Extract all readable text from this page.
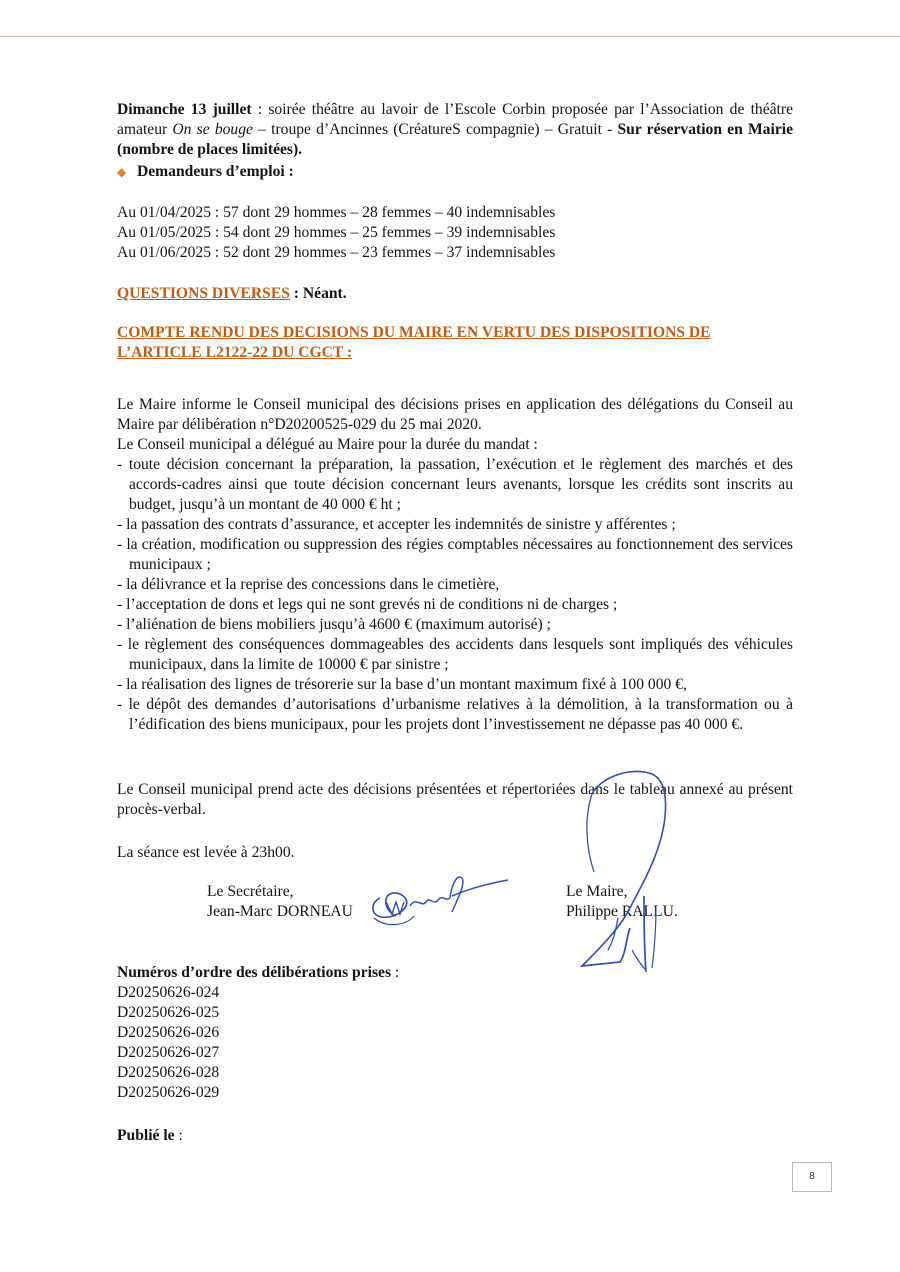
Dimanche 13 juillet : soirée théâtre au lavoir de l’Escole Corbin proposée par l’Association de théâtre amateur On se bouge – troupe d’Ancinnes (CréatureS compagnie) – Gratuit - Sur réservation en Mairie (nombre de places limitées).
◆ Demandeurs d’emploi :
Au 01/04/2025 : 57 dont 29 hommes – 28 femmes – 40 indemnisables
Au 01/05/2025 : 54 dont 29 hommes – 25 femmes – 39 indemnisables
Au 01/06/2025 : 52 dont 29 hommes – 23 femmes – 37 indemnisables
QUESTIONS DIVERSES : Néant.
COMPTE RENDU DES DECISIONS DU MAIRE EN VERTU DES DISPOSITIONS DE
L’ARTICLE L2122-22 DU CGCT :
Le Maire informe le Conseil municipal des décisions prises en application des délégations du Conseil au Maire par délibération n°D20200525-029 du 25 mai 2020.
Le Conseil municipal a délégué au Maire pour la durée du mandat :
- toute décision concernant la préparation, la passation, l’exécution et le règlement des marchés et des accords-cadres ainsi que toute décision concernant leurs avenants, lorsque les crédits sont inscrits au budget, jusqu’à un montant de 40 000 € ht ;
- la passation des contrats d’assurance, et accepter les indemnités de sinistre y afférentes ;
- la création, modification ou suppression des régies comptables nécessaires au fonctionnement des services municipaux ;
- la délivrance et la reprise des concessions dans le cimetière,
- l’acceptation de dons et legs qui ne sont grevés ni de conditions ni de charges ;
- l’aliénation de biens mobiliers jusqu’à 4600 € (maximum autorisé) ;
- le règlement des conséquences dommageables des accidents dans lesquels sont impliqués des véhicules municipaux, dans la limite de 10000 € par sinistre ;
- la réalisation des lignes de trésorerie sur la base d’un montant maximum fixé à 100 000 €,
- le dépôt des demandes d’autorisations d’urbanisme relatives à la démolition, à la transformation ou à l’édification des biens municipaux, pour les projets dont l’investissement ne dépasse pas 40 000 €.
Le Conseil municipal prend acte des décisions présentées et répertoriées dans le tableau annexé au présent procès-verbal.
La séance est levée à 23h00.
Le Secrétaire,
Jean-Marc DORNEAU
Le Maire,
Philippe RALLU.
Numéros d’ordre des délibérations prises :
D20250626-024
D20250626-025
D20250626-026
D20250626-027
D20250626-028
D20250626-029
Publié le :
8
